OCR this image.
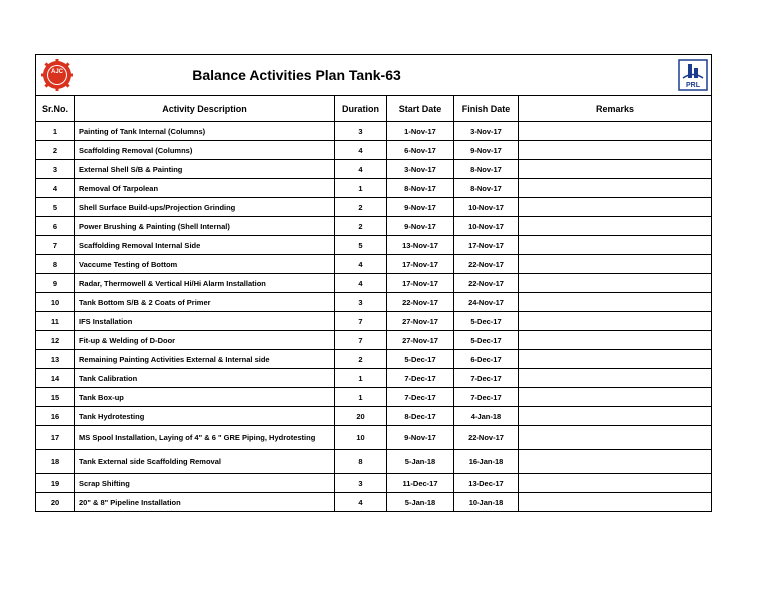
AJC	Balance Activities Plan Tank-63				PRL

Sr.No.	Activity Description	Duration	Start Date	Finish Date	Remarks
1	Painting of Tank Internal (Columns)	3	1-Nov-17	3-Nov-17	
2	Scaffolding Removal (Columns)	4	6-Nov-17	9-Nov-17	
3	External Shell S/B & Painting	4	3-Nov-17	8-Nov-17	
4	Removal Of Tarpolean	1	8-Nov-17	8-Nov-17	
5	Shell Surface Build-ups/Projection Grinding	2	9-Nov-17	10-Nov-17	
6	Power Brushing & Painting (Shell Internal)	2	9-Nov-17	10-Nov-17	
7	Scaffolding Removal Internal Side	5	13-Nov-17	17-Nov-17	
8	Vaccume Testing of Bottom	4	17-Nov-17	22-Nov-17	
9	Radar, Thermowell & Vertical Hi/Hi Alarm Installation	4	17-Nov-17	22-Nov-17	
10	Tank Bottom S/B & 2 Coats of Primer	3	22-Nov-17	24-Nov-17	
11	IFS Installation	7	27-Nov-17	5-Dec-17	
12	Fit-up & Welding of D-Door	7	27-Nov-17	5-Dec-17	
13	Remaining Painting Activities External & Internal side	2	5-Dec-17	6-Dec-17	
14	Tank Calibration	1	7-Dec-17	7-Dec-17	
15	Tank Box-up	1	7-Dec-17	7-Dec-17	
16	Tank Hydrotesting	20	8-Dec-17	4-Jan-18	
17	MS Spool Installation, Laying of 4" & 6 " GRE Piping, Hydrotesting	10	9-Nov-17	22-Nov-17	
18	Tank External side Scaffolding Removal	8	5-Jan-18	16-Jan-18	
19	Scrap Shifting	3	11-Dec-17	13-Dec-17	
20	20" & 8" Pipeline Installation	4	5-Jan-18	10-Jan-18	
